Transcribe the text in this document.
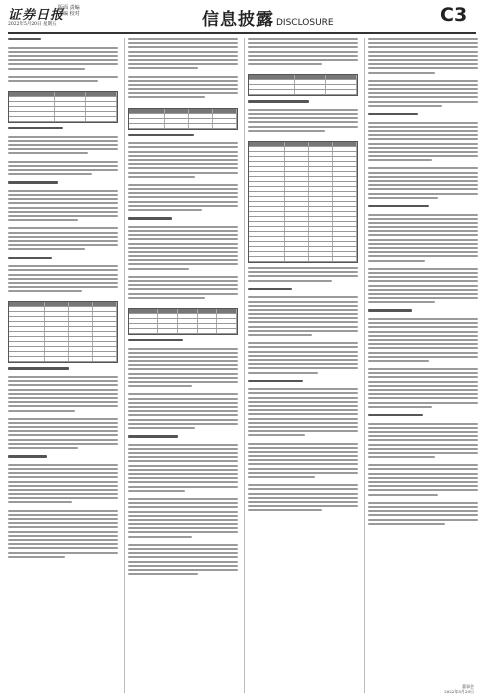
证券日报
版面 责编
美编 校对
2022年5月20日 星期五	信息披露 DISCLOSURE	C3
董事会
2022年5月20日
